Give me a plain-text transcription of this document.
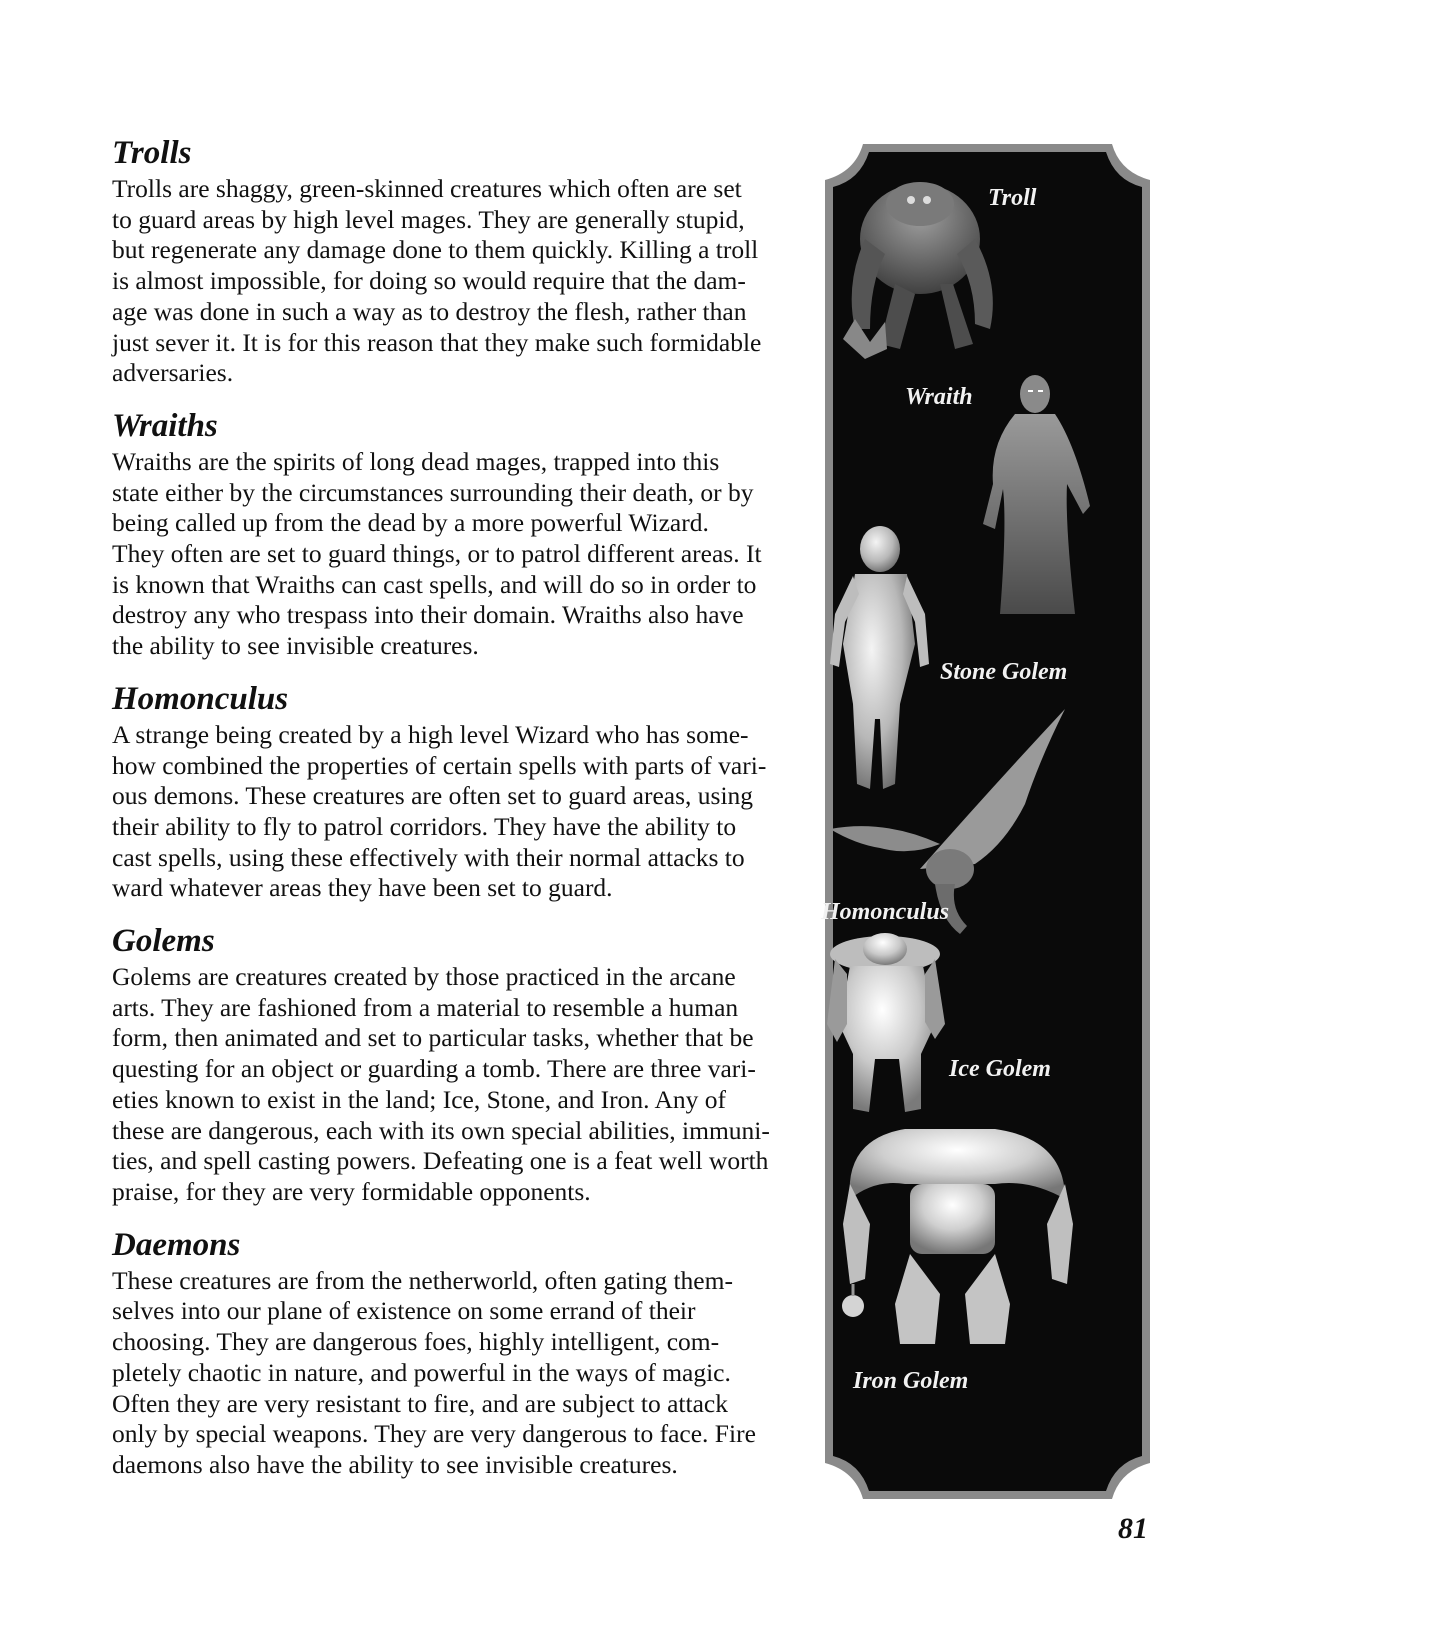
Trolls

Trolls are shaggy, green-skinned creatures which often are set
to guard areas by high level mages. They are generally stupid,
but regenerate any damage done to them quickly. Killing a troll
is almost impossible, for doing so would require that the dam-
age was done in such a way as to destroy the flesh, rather than
just sever it. It is for this reason that they make such formidable
adversaries.

Wraiths

Wraiths are the spirits of long dead mages, trapped into this
state either by the circumstances surrounding their death, or by
being called up from the dead by a more powerful Wizard.
They often are set to guard things, or to patrol different areas. It
is known that Wraiths can cast spells, and will do so in order to
destroy any who trespass into their domain. Wraiths also have
the ability to see invisible creatures.

Homonculus

A strange being created by a high level Wizard who has some-
how combined the properties of certain spells with parts of vari-
ous demons. These creatures are often set to guard areas, using
their ability to fly to patrol corridors. They have the ability to
cast spells, using these effectively with their normal attacks to
ward whatever areas they have been set to guard.

Golems

Golems are creatures created by those practiced in the arcane
arts. They are fashioned from a material to resemble a human
form, then animated and set to particular tasks, whether that be
questing for an object or guarding a tomb. There are three vari-
eties known to exist in the land; Ice, Stone, and Iron. Any of
these are dangerous, each with its own special abilities, immuni-
ties, and spell casting powers. Defeating one is a feat well worth
praise, for they are very formidable opponents.

Daemons

These creatures are from the netherworld, often gating them-
selves into our plane of existence on some errand of their
choosing. They are dangerous foes, highly intelligent, com-
pletely chaotic in nature, and powerful in the ways of magic.
Often they are very resistant to fire, and are subject to attack
only by special weapons. They are very dangerous to face. Fire
daemons also have the ability to see invisible creatures.

Troll
Wraith
Stone Golem
Homonculus
Ice Golem
Iron Golem
81
